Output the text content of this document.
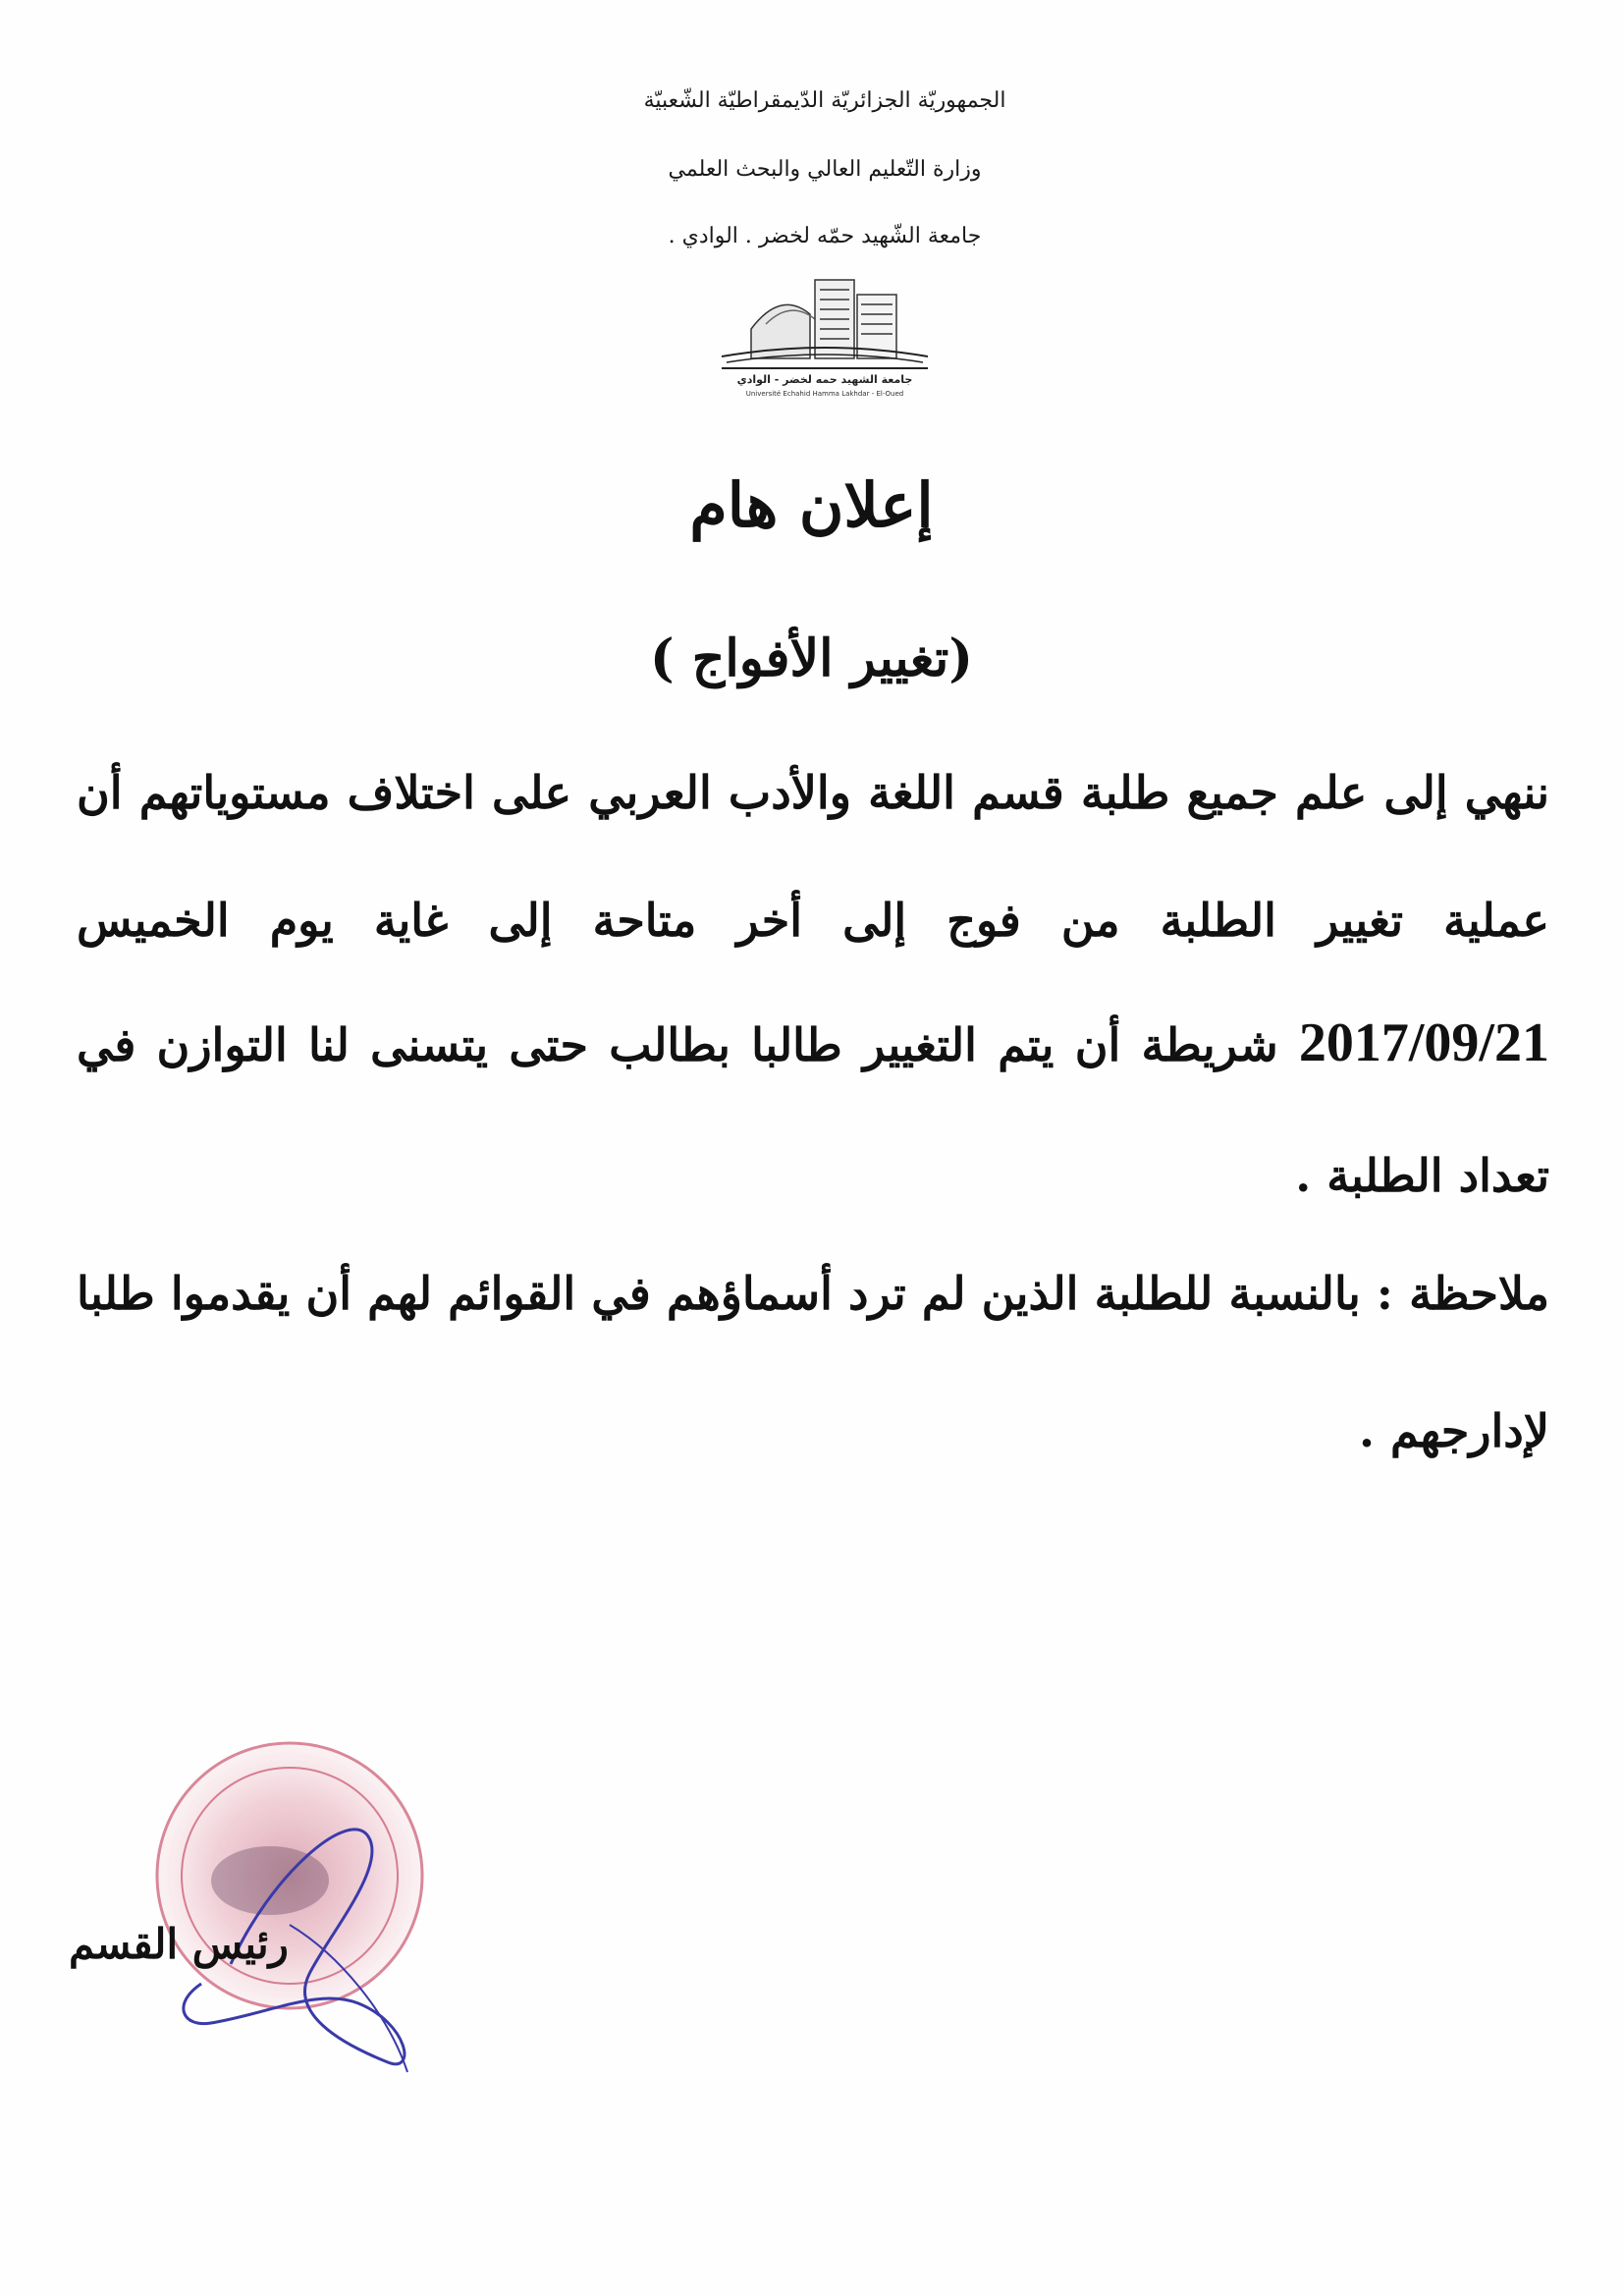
الجمهوريّة الجزائريّة الدّيمقراطيّة الشّعبيّة
وزارة التّعليم العالي والبحث العلمي
جامعة الشّهيد حمّه لخضر . الوادي .
جامعة الشهيد حمه لخضر - الوادي
Université Echahid Hamma Lakhdar - El-Oued
إعلان هام
(تغيير الأفواج )
ننهي إلى علم جميع طلبة قسم اللغة والأدب العربي على اختلاف مستوياتهم أن
عملية تغيير الطلبة من فوج إلى أخر متاحة إلى غاية يوم الخميس
2017/09/21 شريطة أن يتم التغيير طالبا بطالب حتى يتسنى لنا التوازن في
تعداد الطلبة .
ملاحظة : بالنسبة للطلبة الذين لم ترد أسماؤهم في القوائم لهم أن يقدموا طلبا
لإدارجهم .
رئيس القسم
